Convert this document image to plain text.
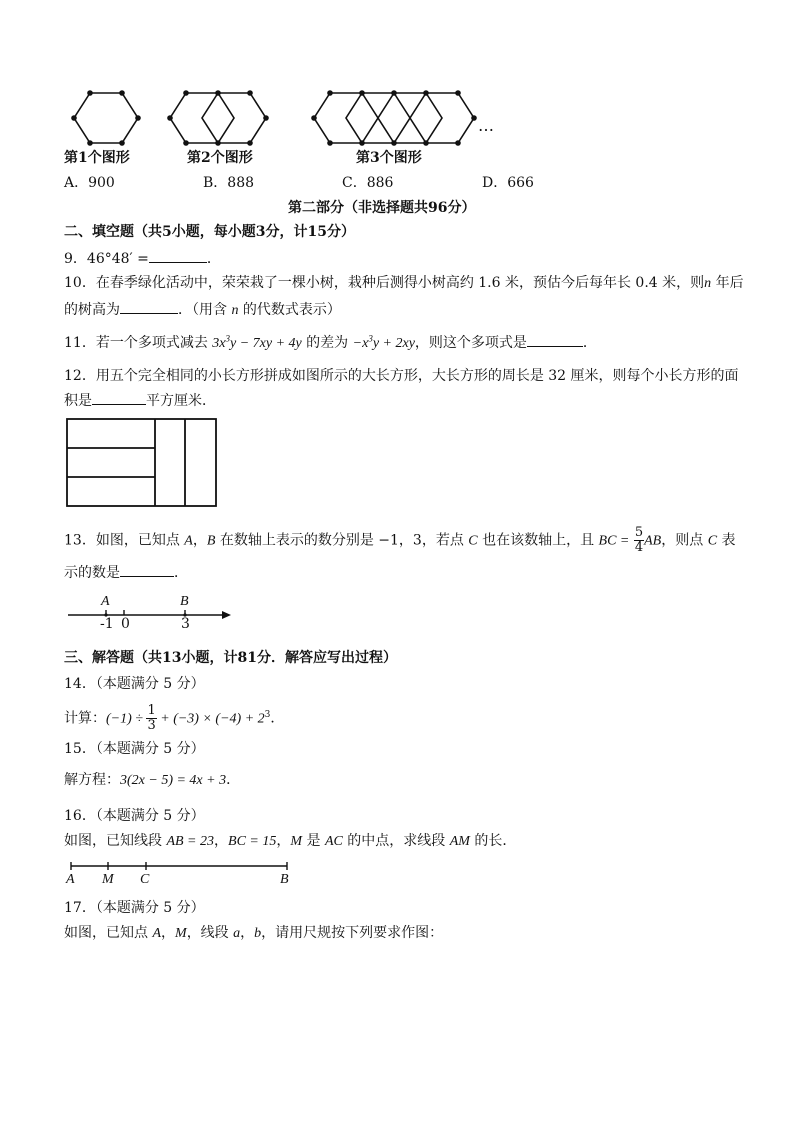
第1个图形	第2个图形
…
第3个图形
A．900	B．888	C．886	D．666
第二部分（非选择题共96分）
二、填空题（共5小题，每小题3分，计15分）
9．46°48′ =	．
10．在春季绿化活动中，荣荣栽了一棵小树，栽种后测得小树高约 1.6 米，预估今后每年长 0.4 米，则n 年后
的树高为	．（用含 n 的代数式表示）
11．若一个多项式减去 $3x^3y - 7xy + 4y$ 的差为 $-x^3y + 2xy$，则这个多项式是	．
12．用五个完全相同的小长方形拼成如图所示的大长方形，大长方形的周长是 32 厘米，则每个小长方形的面
积是	平方厘米．
13．如图，已知点 A，B 在数轴上表示的数分别是 −1，3，若点 C 也在该数轴上，且 BC = $\frac{5}{4}$ AB，则点 C 表
示的数是	．
A	B
-1 0	3
三、解答题（共13小题，计81分．解答应写出过程）
14．（本题满分 5 分）
计算：$(-1) \div \frac{1}{3} + (-3) \times (-4) + 2^3$．
15．（本题满分 5 分）
解方程：3(2x − 5) = 4x + 3．
16．（本题满分 5 分）
如图，已知线段 AB = 23，BC = 15，M 是 AC 的中点，求线段 AM 的长．
A M C	B
17．（本题满分 5 分）
如图，已知点 A，M，线段 a，b，请用尺规按下列要求作图：
